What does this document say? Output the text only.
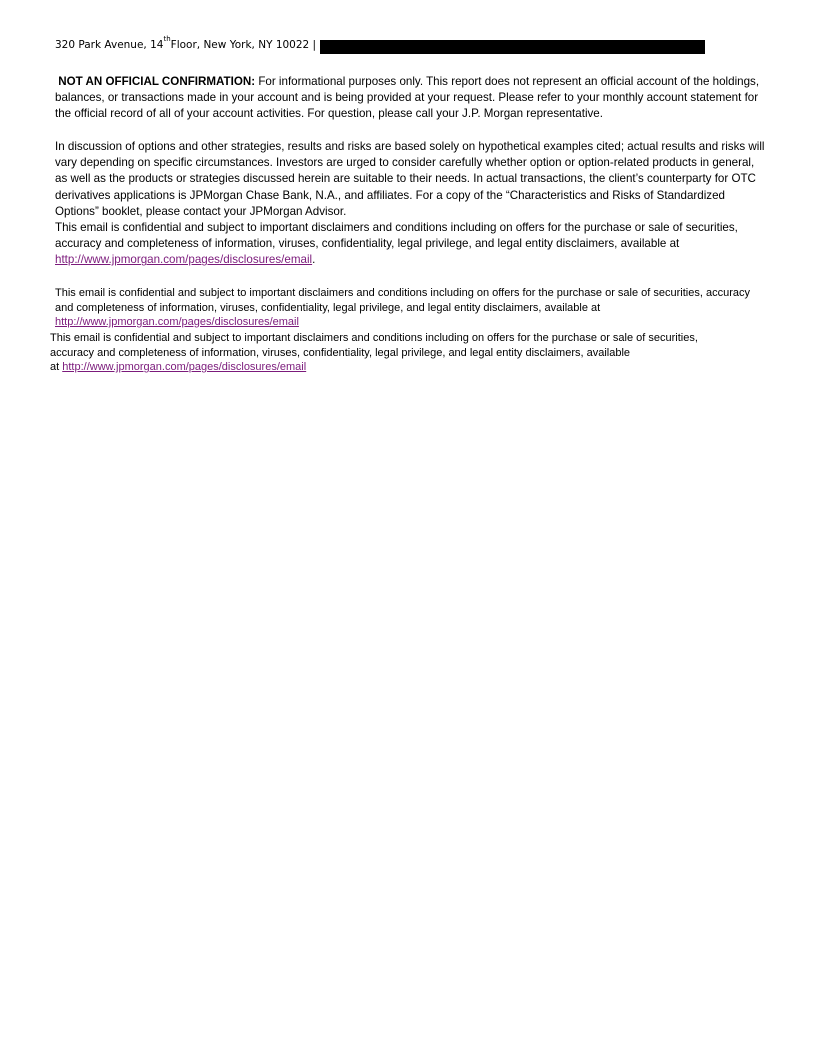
320 Park Avenue, 14th Floor, New York, NY 10022 |

NOT AN OFFICIAL CONFIRMATION: For informational purposes only. This report does not represent an official account of the holdings, balances, or transactions made in your account and is being provided at your request. Please refer to your monthly account statement for the official record of all of your account activities. For question, please call your J.P. Morgan representative.

In discussion of options and other strategies, results and risks are based solely on hypothetical examples cited; actual results and risks will vary depending on specific circumstances. Investors are urged to consider carefully whether option or option-related products in general, as well as the products or strategies discussed herein are suitable to their needs. In actual transactions, the client’s counterparty for OTC derivatives applications is JPMorgan Chase Bank, N.A., and affiliates. For a copy of the “Characteristics and Risks of Standardized Options” booklet, please contact your JPMorgan Advisor.

This email is confidential and subject to important disclaimers and conditions including on offers for the purchase or sale of securities, accuracy and completeness of information, viruses, confidentiality, legal privilege, and legal entity disclaimers, available at http://www.jpmorgan.com/pages/disclosures/email.

This email is confidential and subject to important disclaimers and conditions including on offers for the purchase or sale of securities, accuracy and completeness of information, viruses, confidentiality, legal privilege, and legal entity disclaimers, available at http://www.jpmorgan.com/pages/disclosures/email

This email is confidential and subject to important disclaimers and conditions including on offers for the purchase or sale of securities,

accuracy and completeness of information, viruses, confidentiality, legal privilege, and legal entity disclaimers, available

at http://www.jpmorgan.com/pages/disclosures/email
